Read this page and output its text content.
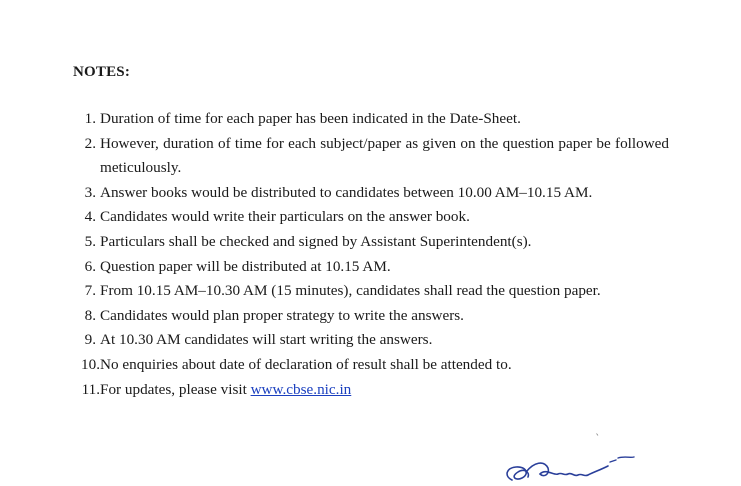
NOTES:
1. Duration of time for each paper has been indicated in the Date-Sheet.
2. However, duration of time for each subject/paper as given on the question paper be followed meticulously.
3. Answer books would be distributed to candidates between 10.00 AM–10.15 AM.
4. Candidates would write their particulars on the answer book.
5. Particulars shall be checked and signed by Assistant Superintendent(s).
6. Question paper will be distributed at 10.15 AM.
7. From 10.15 AM–10.30 AM (15 minutes), candidates shall read the question paper.
8. Candidates would plan proper strategy to write the answers.
9. At 10.30 AM candidates will start writing the answers.
10.No enquiries about date of declaration of result shall be attended to.
11.For updates, please visit www.cbse.nic.in
